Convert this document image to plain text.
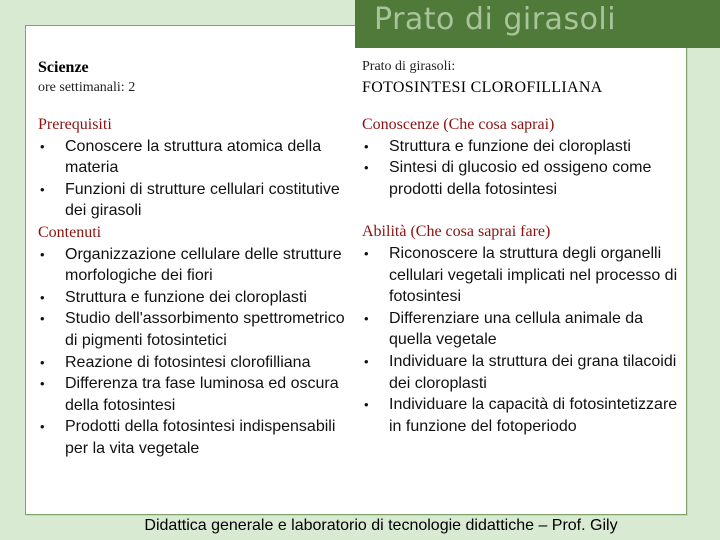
Prato di girasoli
Scienze
ore settimanali: 2
Prato di girasoli:
FOTOSINTESI CLOROFILLIANA
Prerequisiti
• Conoscere la struttura atomica della materia
• Funzioni di strutture cellulari costitutive dei girasoli
Contenuti
• Organizzazione cellulare delle strutture morfologiche dei fiori
• Struttura e funzione dei cloroplasti
• Studio dell'assorbimento spettrometrico di pigmenti fotosintetici
• Reazione di fotosintesi clorofilliana
• Differenza tra fase luminosa ed oscura della fotosintesi
• Prodotti della fotosintesi indispensabili per la vita vegetale
Conoscenze (Che cosa saprai)
• Struttura e funzione dei cloroplasti
• Sintesi di glucosio ed ossigeno come prodotti della fotosintesi
Abilità (Che cosa saprai fare)
• Riconoscere la struttura degli organelli cellulari vegetali implicati nel processo di fotosintesi
• Differenziare una cellula animale da quella vegetale
• Individuare la struttura dei grana tilacoidi dei cloroplasti
• Individuare la capacità di fotosintetizzare in funzione del fotoperiodo
Didattica generale e laboratorio di tecnologie didattiche – Prof. Gily
